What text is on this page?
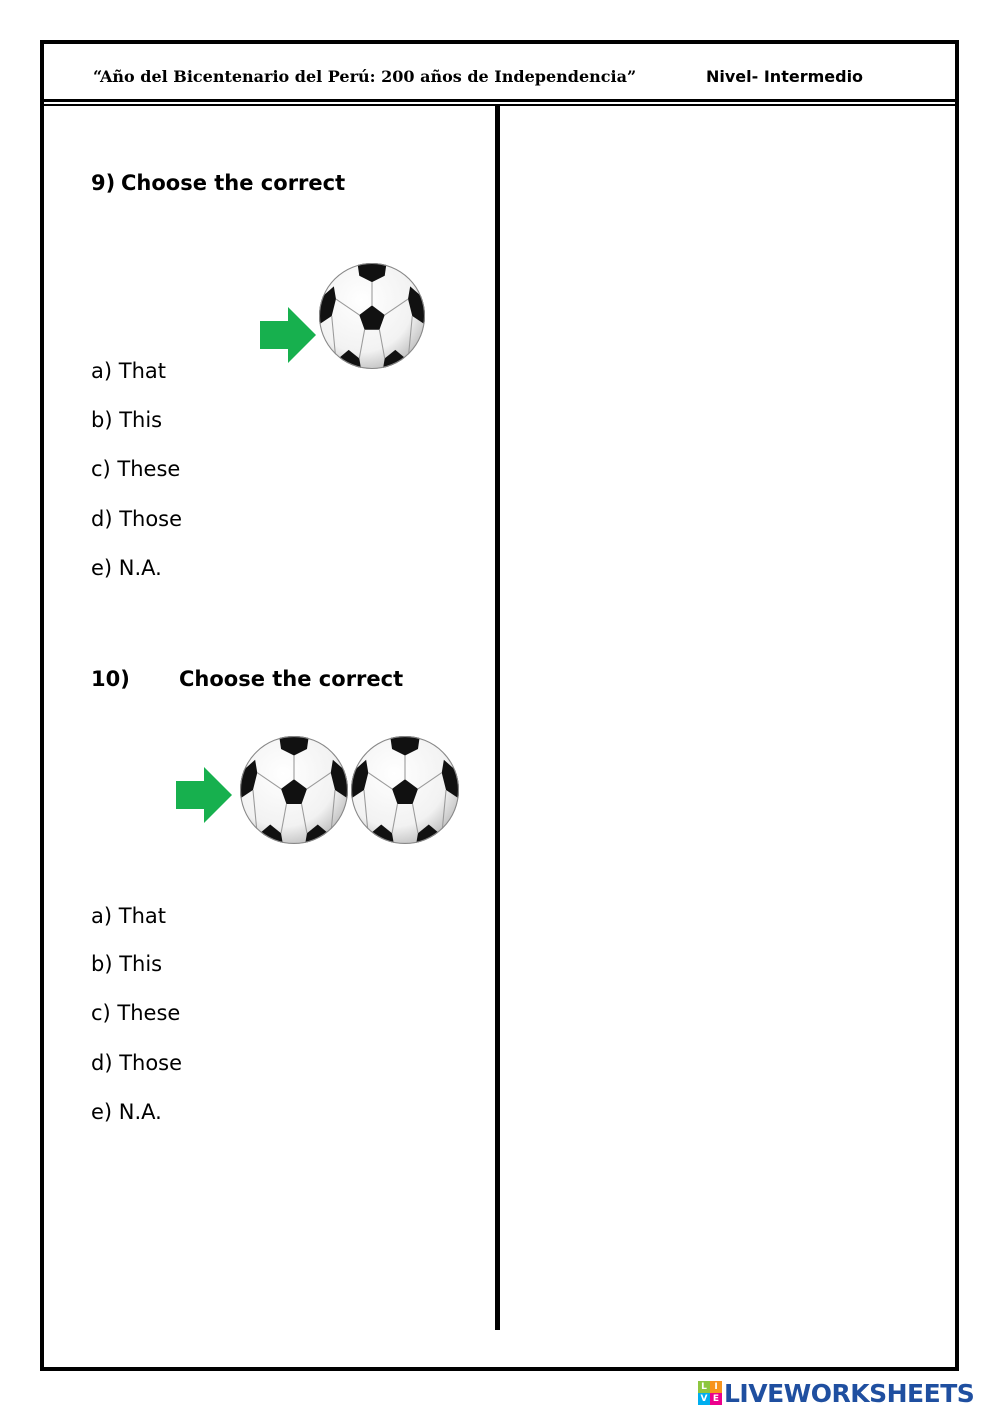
“Año del Bicentenario del Perú: 200 años de Independencia”	Nivel- Intermedio
9) Choose the correct
a) That
b) This
c) These
d) Those
e) N.A.
10) Choose the correct
a) That
b) This
c) These
d) Those
e) N.A.
L I
V E LIVEWORKSHEETS
